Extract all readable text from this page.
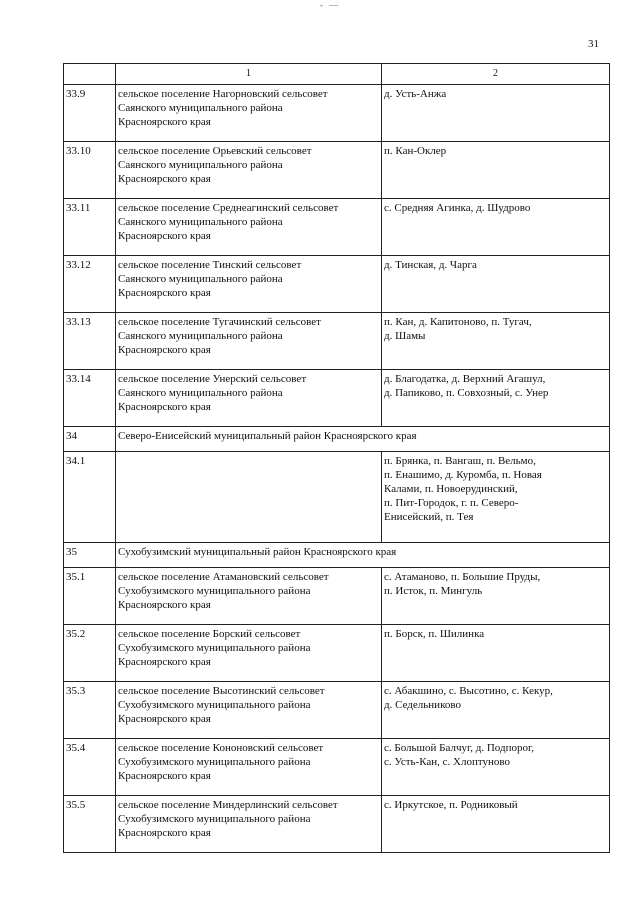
- —
31
	1	2
33.9	сельское поселение Нагорновский сельсовет
Саянского муниципального района
Красноярского края	д. Усть-Анжа
33.10	сельское поселение Орьевский сельсовет
Саянского муниципального района
Красноярского края	п. Кан-Оклер
33.11	сельское поселение Среднеагинский сельсовет
Саянского муниципального района
Красноярского края	с. Средняя Агинка, д. Шудрово
33.12	сельское поселение Тинский сельсовет
Саянского муниципального района
Красноярского края	д. Тинская, д. Чарга
33.13	сельское поселение Тугачинский сельсовет
Саянского муниципального района
Красноярского края	п. Кан, д. Капитоново, п. Тугач,
д. Шамы
33.14	сельское поселение Унерский сельсовет
Саянского муниципального района
Красноярского края	д. Благодатка, д. Верхний Агашул,
д. Папиково, п. Совхозный, с. Унер
34	Северо-Енисейский муниципальный район Красноярского края	
34.1		п. Брянка, п. Вангаш, п. Вельмо,
п. Енашимо, д. Куромба, п. Новая
Калами, п. Новоерудинский,
п. Пит-Городок, г. п. Северо-
Енисейский, п. Тея
35	Сухобузимский муниципальный район Красноярского края	
35.1	сельское поселение Атамановский сельсовет
Сухобузимского муниципального района
Красноярского края	с. Атаманово, п. Большие Пруды,
п. Исток, п. Мингуль
35.2	сельское поселение Борский сельсовет
Сухобузимского муниципального района
Красноярского края	п. Борск, п. Шилинка
35.3	сельское поселение Высотинский сельсовет
Сухобузимского муниципального района
Красноярского края	с. Абакшино, с. Высотино, с. Кекур,
д. Седельниково
35.4	сельское поселение Кононовский сельсовет
Сухобузимского муниципального района
Красноярского края	с. Большой Балчуг, д. Подпорог,
с. Усть-Кан, с. Хлоптуново
35.5	сельское поселение Миндерлинский сельсовет
Сухобузимского муниципального района
Красноярского края	с. Иркутское, п. Родниковый
